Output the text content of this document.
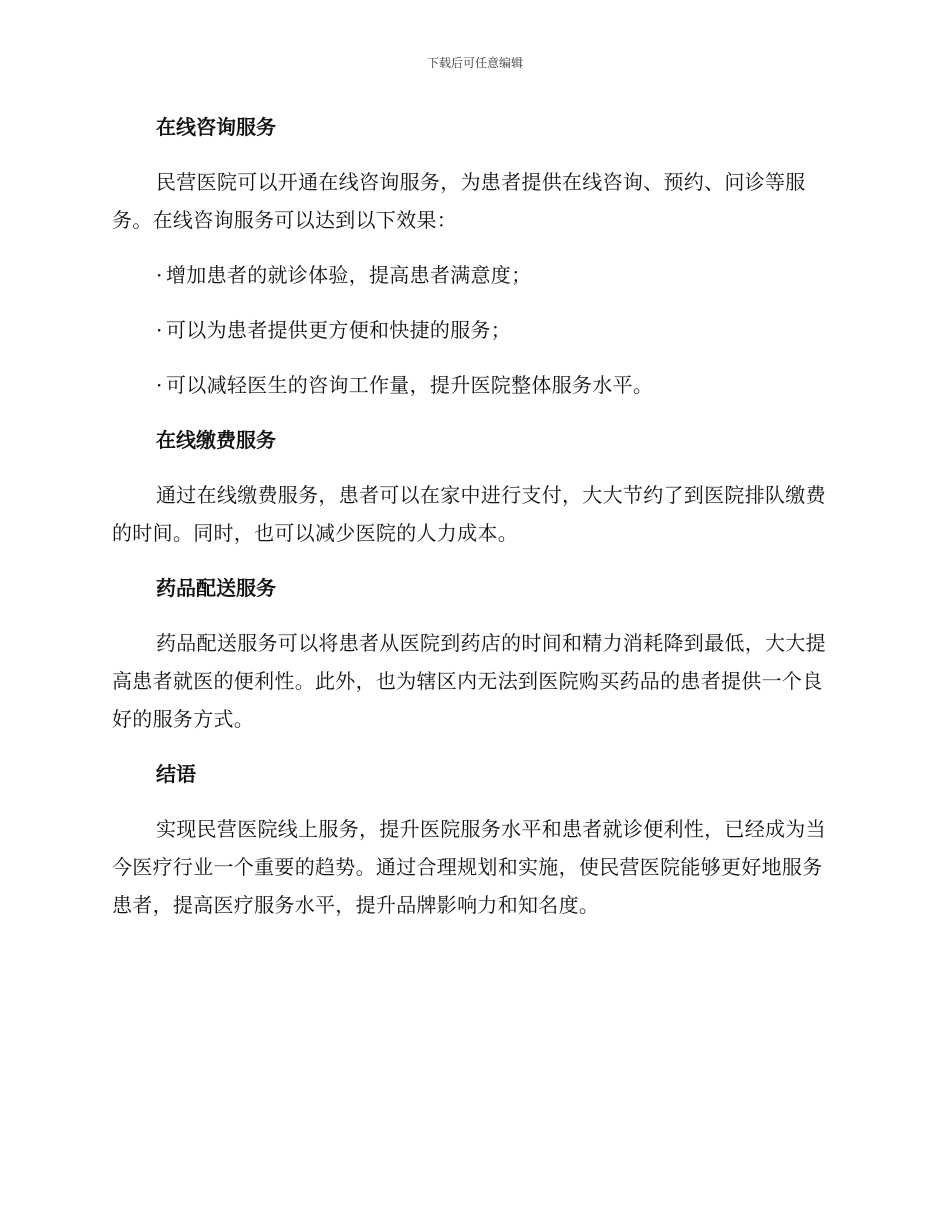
下载后可任意编辑
在线咨询服务

民营医院可以开通在线咨询服务，为患者提供在线咨询、预约、问诊等服务。在线咨询服务可以达到以下效果：

· 增加患者的就诊体验，提高患者满意度；
· 可以为患者提供更方便和快捷的服务；
· 可以减轻医生的咨询工作量，提升医院整体服务水平。
在线缴费服务

通过在线缴费服务，患者可以在家中进行支付，大大节约了到医院排队缴费的时间。同时，也可以减少医院的人力成本。

药品配送服务

药品配送服务可以将患者从医院到药店的时间和精力消耗降到最低，大大提高患者就医的便利性。此外，也为辖区内无法到医院购买药品的患者提供一个良好的服务方式。

结语

实现民营医院线上服务，提升医院服务水平和患者就诊便利性，已经成为当今医疗行业一个重要的趋势。通过合理规划和实施，使民营医院能够更好地服务患者，提高医疗服务水平，提升品牌影响力和知名度。
